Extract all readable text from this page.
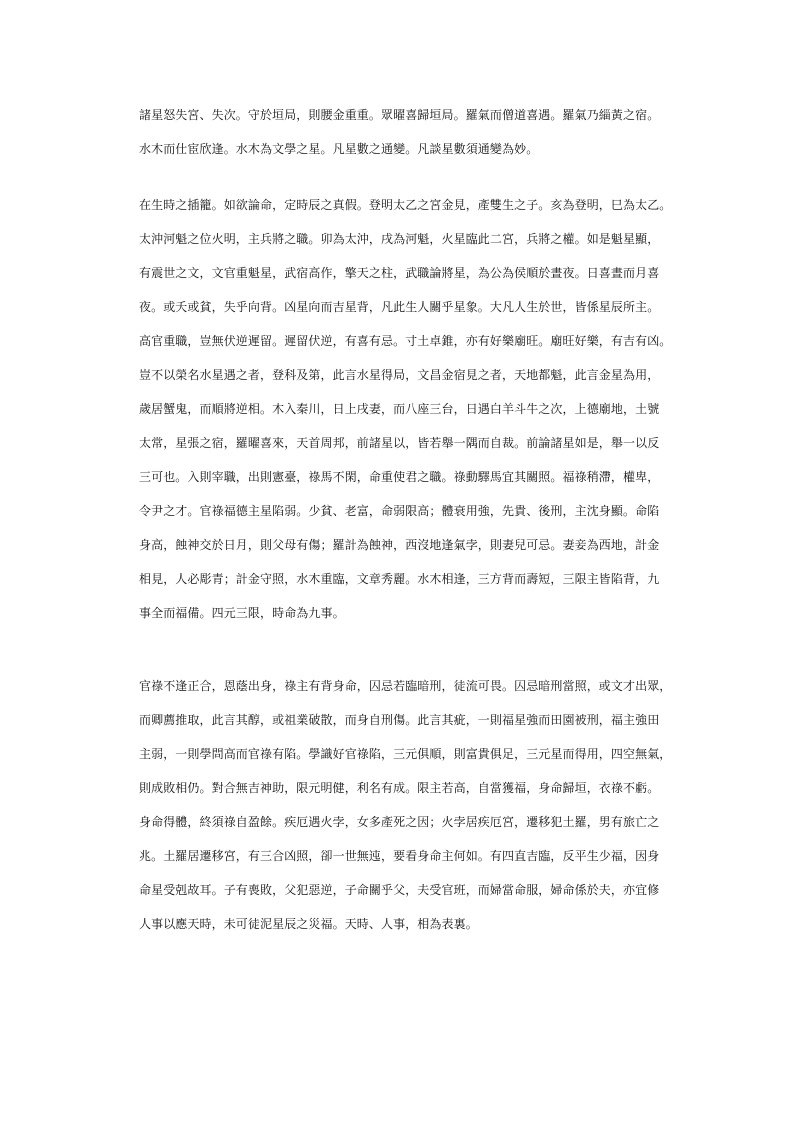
諸星怒失宮、失次。守於垣局，則腰金重重。眾曜喜歸垣局。羅氣而僧道喜遇。羅氣乃緇黃之宿。
水木而仕宦欣逢。水木為文學之星。凡星數之通變。凡談星數須通變為妙。
在生時之插籠。如欲論命，定時辰之真假。登明太乙之宮金見，產雙生之子。亥為登明，巳為太乙。
太沖河魁之位火明，主兵將之職。卯為太沖，戌為河魁，火星臨此二宮，兵將之權。如是魁星顯，
有震世之文，文官重魁星，武宿高作，擎天之柱，武職論將星，為公為侯順於晝夜。日喜晝而月喜
夜。或夭或貧，失乎向背。凶星向而吉星背，凡此生人關乎星象。大凡人生於世，皆係星辰所主。
高官重職，豈無伏逆遲留。遲留伏逆，有喜有忌。寸土卓錐，亦有好樂廟旺。廟旺好樂，有吉有凶。
豈不以榮名水星遇之者，登科及第，此言水星得局，文昌金宿見之者，天地都魁，此言金星為用，
歲居蟹鬼，而順將逆相。木入秦川，日上戌妻，而八座三台，日遇白羊斗牛之次，上德廟地，土號
太常，星張之宿，羅曜喜來，天首周邦，前諸星以，皆若舉一隅而自裁。前論諸星如是，舉一以反
三可也。入則宰職，出則憲臺，祿馬不閑，命重使君之職。祿動驛馬宜其關照。福祿稍滯，權卑，
令尹之才。官祿福德主星陷弱。少貧、老富，命弱限高；體衰用強，先貴、後刑，主沈身顯。命陷
身高，蝕神交於日月，則父母有傷；羅計為蝕神，西沒地逢氣孛，則妻兒可忌。妻妾為西地，計金
相見，人必彫青；計金守照，水木重臨，文章秀麗。水木相逢，三方背而壽短，三限主皆陷背，九
事全而福備。四元三限，時命為九事。
官祿不逢正合，恩蔭出身，祿主有背身命，囚忌若臨暗刑，徒流可畏。囚忌暗刑當照，或文才出眾，
而卿薦推取，此言其醇，或祖業破散，而身自刑傷。此言其疵，一則福星強而田園被刑，福主強田
主弱，一則學問高而官祿有陷。學識好官祿陷，三元俱順，則富貴俱足，三元星而得用，四空無氣，
則成敗相仍。對合無吉神助，限元明健，利名有成。限主若高，自當獲福，身命歸垣，衣祿不虧。
身命得體，終須祿自盈餘。疾厄遇火孛，女多產死之因；火孛居疾厄宮，遷移犯土羅，男有旅亡之
兆。土羅居遷移宮，有三合凶照，卻一世無迍，要看身命主何如。有四直吉臨，反平生少福，因身
命星受剋故耳。子有喪敗，父犯惡逆，子命關乎父，夫受官班，而婦當命服，婦命係於夫，亦宜修
人事以應天時，未可徒泥星辰之災福。天時、人事，相為表裏。
